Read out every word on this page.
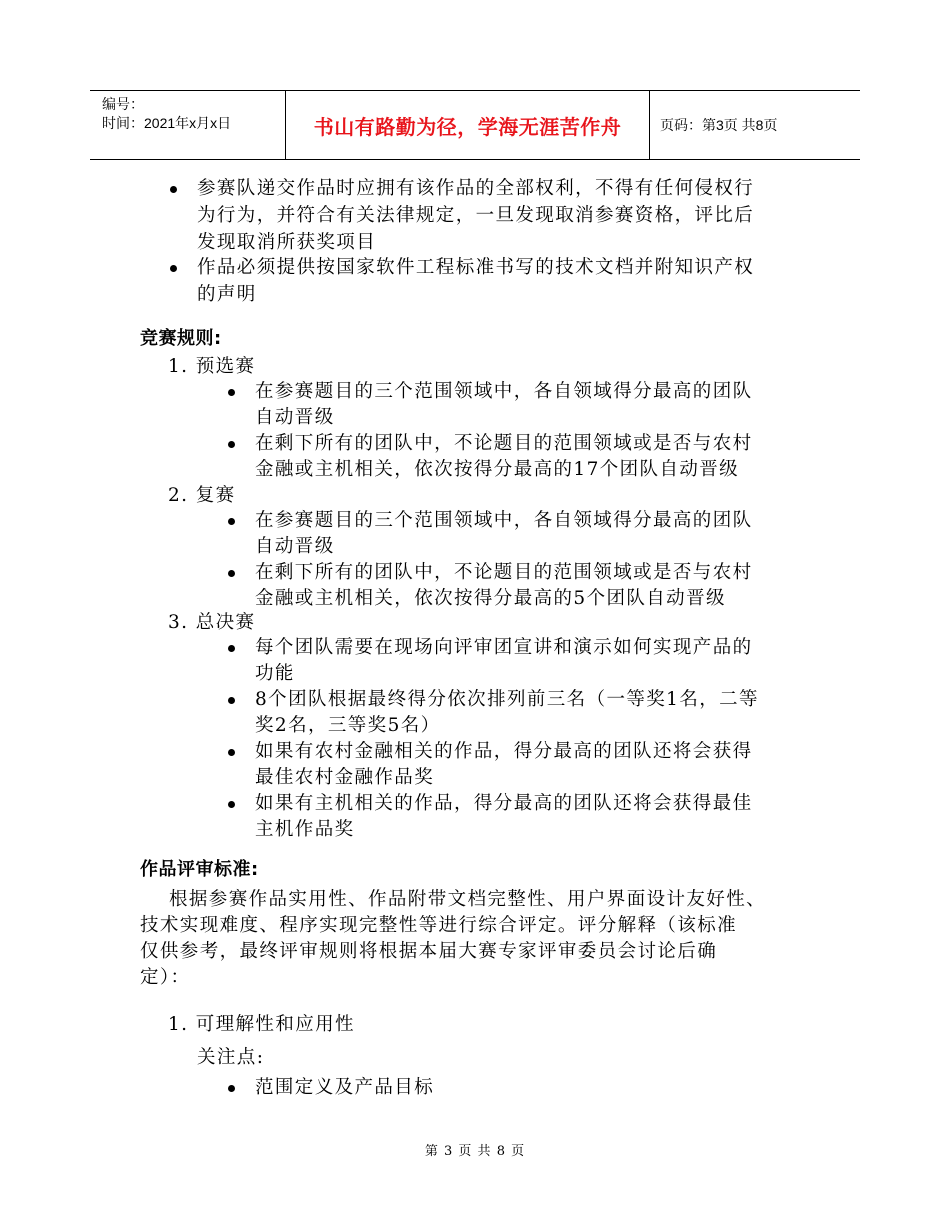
编号：
时间：2021年x月x日	书山有路勤为径，学海无涯苦作舟	页码：第3页 共8页
参赛队递交作品时应拥有该作品的全部权利，不得有任何侵权行
为行为，并符合有关法律规定，一旦发现取消参赛资格，评比后
发现取消所获奖项目
作品必须提供按国家软件工程标准书写的技术文档并附知识产权
的声明
竞赛规则:
1. 预选赛
在参赛题目的三个范围领域中，各自领域得分最高的团队
自动晋级
在剩下所有的团队中，不论题目的范围领域或是否与农村
金融或主机相关，依次按得分最高的17个团队自动晋级
2. 复赛
在参赛题目的三个范围领域中，各自领域得分最高的团队
自动晋级
在剩下所有的团队中，不论题目的范围领域或是否与农村
金融或主机相关，依次按得分最高的5个团队自动晋级
3. 总决赛
每个团队需要在现场向评审团宣讲和演示如何实现产品的
功能
8个团队根据最终得分依次排列前三名（一等奖1名，二等
奖2名，三等奖5名）
如果有农村金融相关的作品，得分最高的团队还将会获得
最佳农村金融作品奖
如果有主机相关的作品，得分最高的团队还将会获得最佳
主机作品奖
作品评审标准:
根据参赛作品实用性、作品附带文档完整性、用户界面设计友好性、
技术实现难度、程序实现完整性等进行综合评定。评分解释（该标准
仅供参考，最终评审规则将根据本届大赛专家评审委员会讨论后确
定）：
1. 可理解性和应用性
关注点:
范围定义及产品目标
第 3 页 共 8 页
